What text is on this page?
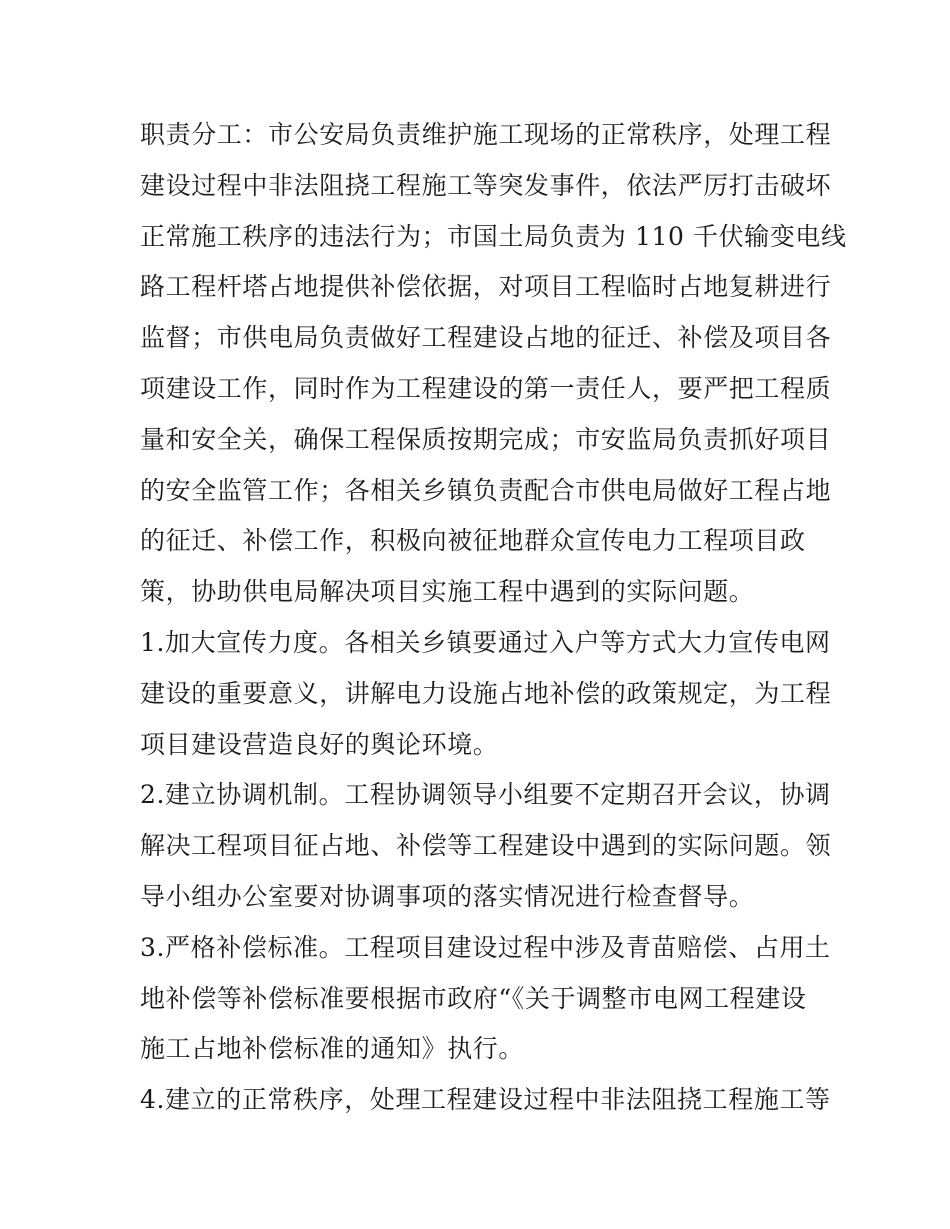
职责分工：市公安局负责维护施工现场的正常秩序，处理工程
建设过程中非法阻挠工程施工等突发事件，依法严厉打击破坏
正常施工秩序的违法行为；市国土局负责为 110 千伏输变电线
路工程杆塔占地提供补偿依据，对项目工程临时占地复耕进行
监督；市供电局负责做好工程建设占地的征迁、补偿及项目各
项建设工作，同时作为工程建设的第一责任人，要严把工程质
量和安全关，确保工程保质按期完成；市安监局负责抓好项目
的安全监管工作；各相关乡镇负责配合市供电局做好工程占地
的征迁、补偿工作，积极向被征地群众宣传电力工程项目政
策，协助供电局解决项目实施工程中遇到的实际问题。
1.加大宣传力度。各相关乡镇要通过入户等方式大力宣传电网
建设的重要意义，讲解电力设施占地补偿的政策规定，为工程
项目建设营造良好的舆论环境。
2.建立协调机制。工程协调领导小组要不定期召开会议，协调
解决工程项目征占地、补偿等工程建设中遇到的实际问题。领
导小组办公室要对协调事项的落实情况进行检查督导。
3.严格补偿标准。工程项目建设过程中涉及青苗赔偿、占用土
地补偿等补偿标准要根据市政府“《关于调整市电网工程建设
施工占地补偿标准的通知》执行。
4.建立的正常秩序，处理工程建设过程中非法阻挠工程施工等
